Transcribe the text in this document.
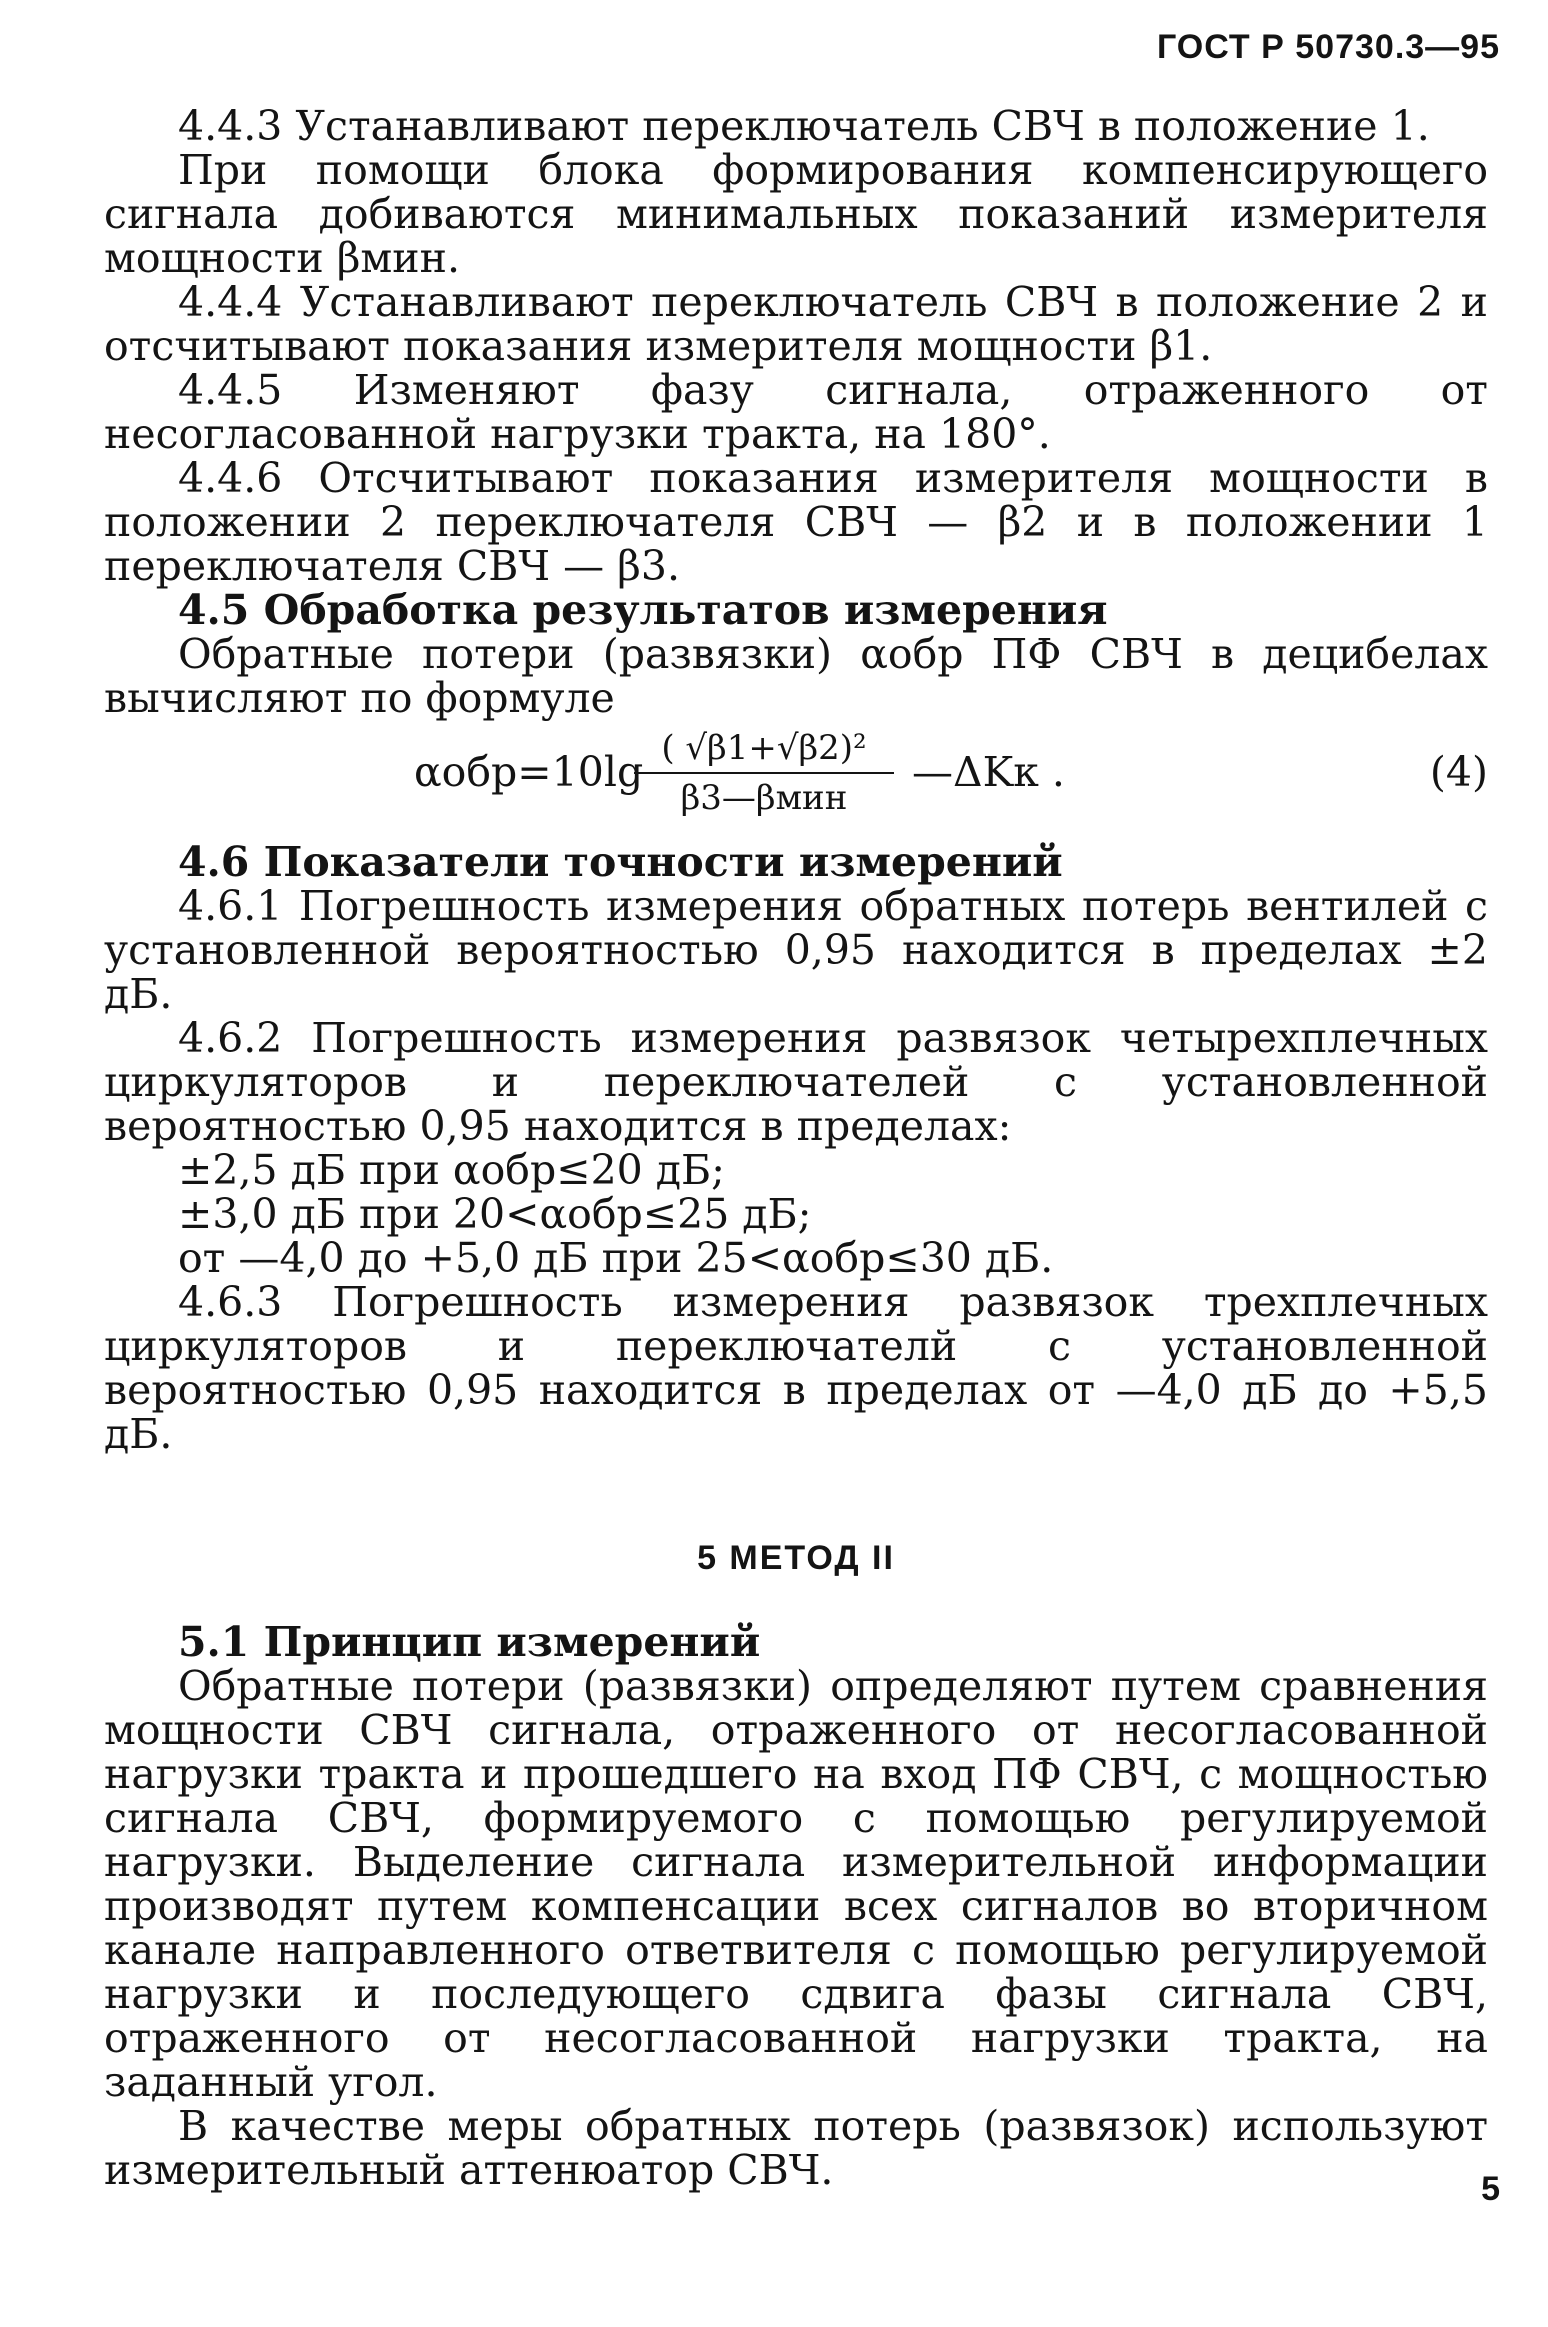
ГОСТ Р 50730.3—95

4.4.3 Устанавливают переключатель СВЧ в положение 1.

При помощи блока формирования компенсирующего сигнала добиваются минимальных показаний измерителя мощности βмин.

4.4.4 Устанавливают переключатель СВЧ в положение 2 и отсчитывают показания измерителя мощности β1.

4.4.5 Изменяют фазу сигнала, отраженного от несогласованной нагрузки тракта, на 180°.

4.4.6 Отсчитывают показания измерителя мощности в положении 2 переключателя СВЧ — β2 и в положении 1 переключателя СВЧ — β3.

4.5 Обработка результатов измерения

Обратные потери (развязки) αобр ПФ СВЧ в децибелах вычисляют по формуле

αобр=10lg ( √β1+√β2)²
β3—βмин
—ΔKк .	(4)

4.6 Показатели точности измерений

4.6.1 Погрешность измерения обратных потерь вентилей с установленной вероятностью 0,95 находится в пределах ±2 дБ.

4.6.2 Погрешность измерения развязок четырехплечных циркуляторов и переключателей с установленной вероятностью 0,95 находится в пределах:

±2,5 дБ при αобр≤20 дБ;

±3,0 дБ при 20<αобр≤25 дБ;

от —4,0 до +5,0 дБ при 25<αобр≤30 дБ.

4.6.3 Погрешность измерения развязок трехплечных циркуляторов и переключателй с установленной вероятностью 0,95 находится в пределах от —4,0 дБ до +5,5 дБ.

5 МЕТОД II

5.1 Принцип измерений

Обратные потери (развязки) определяют путем сравнения мощности СВЧ сигнала, отраженного от несогласованной нагрузки тракта и прошедшего на вход ПФ СВЧ, с мощностью сигнала СВЧ, формируемого с помощью регулируемой нагрузки. Выделение сигнала измерительной информации производят путем компенсации всех сигналов во вторичном канале направленного ответвителя с помощью регулируемой нагрузки и последующего сдвига фазы сигнала СВЧ, отраженного от несогласованной нагрузки тракта, на заданный угол.

В качестве меры обратных потерь (развязок) используют измерительный аттенюатор СВЧ.	5
